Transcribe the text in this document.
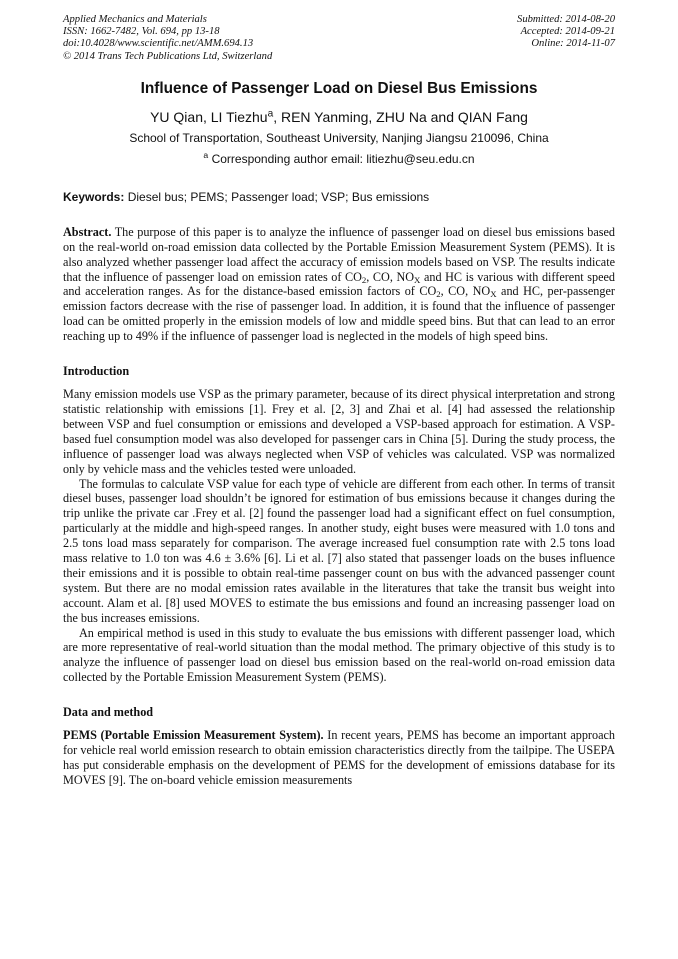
Applied Mechanics and Materials
ISSN: 1662-7482, Vol. 694, pp 13-18
doi:10.4028/www.scientific.net/AMM.694.13
© 2014 Trans Tech Publications Ltd, Switzerland
Submitted: 2014-08-20
Accepted: 2014-09-21
Online: 2014-11-07
Influence of Passenger Load on Diesel Bus Emissions
YU Qian, LI Tiezhu$^a$, REN Yanming, ZHU Na and QIAN Fang
School of Transportation, Southeast University, Nanjing Jiangsu 210096, China
$^a$ Corresponding author email: litiezhu@seu.edu.cn
Keywords: Diesel bus; PEMS; Passenger load; VSP; Bus emissions

Abstract. The purpose of this paper is to analyze the influence of passenger load on diesel bus emissions based on the real-world on-road emission data collected by the Portable Emission Measurement System (PEMS). It is also analyzed whether passenger load affect the accuracy of emission models based on VSP. The results indicate that the influence of passenger load on emission rates of $CO_2$, CO, $NO_X$ and HC is various with different speed and acceleration ranges. As for the distance-based emission factors of $CO_2$, CO, $NO_X$ and HC, per-passenger emission factors decrease with the rise of passenger load. In addition, it is found that the influence of passenger load can be omitted properly in the emission models of low and middle speed bins. But that can lead to an error reaching up to 49% if the influence of passenger load is neglected in the models of high speed bins.

Introduction

Many emission models use VSP as the primary parameter, because of its direct physical interpretation and strong statistic relationship with emissions [1]. Frey et al. [2, 3] and Zhai et al. [4] had assessed the relationship between VSP and fuel consumption or emissions and developed a VSP-based approach for estimation. A VSP-based fuel consumption model was also developed for passenger cars in China [5]. During the study process, the influence of passenger load was always neglected when VSP of vehicles was calculated. VSP was normalized only by vehicle mass and the vehicles tested were unloaded.

The formulas to calculate VSP value for each type of vehicle are different from each other. In terms of transit diesel buses, passenger load shouldn’t be ignored for estimation of bus emissions because it changes during the trip unlike the private car .Frey et al. [2] found the passenger load had a significant effect on fuel consumption, particularly at the middle and high-speed ranges. In another study, eight buses were measured with 1.0 tons and 2.5 tons load mass separately for comparison. The average increased fuel consumption rate with 2.5 tons load mass relative to 1.0 ton was 4.6 ± 3.6% [6]. Li et al. [7] also stated that passenger loads on the buses influence their emissions and it is possible to obtain real-time passenger count on bus with the advanced passenger count system. But there are no modal emission rates available in the literatures that take the transit bus weight into account. Alam et al. [8] used MOVES to estimate the bus emissions and found an increasing passenger load on the bus increases emissions.

An empirical method is used in this study to evaluate the bus emissions with different passenger load, which are more representative of real-world situation than the modal method. The primary objective of this study is to analyze the influence of passenger load on diesel bus emission based on the real-world on-road emission data collected by the Portable Emission Measurement System (PEMS).

Data and method

PEMS (Portable Emission Measurement System). In recent years, PEMS has become an important approach for vehicle real world emission research to obtain emission characteristics directly from the tailpipe. The USEPA has put considerable emphasis on the development of PEMS for the development of emissions database for its MOVES [9]. The on-board vehicle emission measurements
